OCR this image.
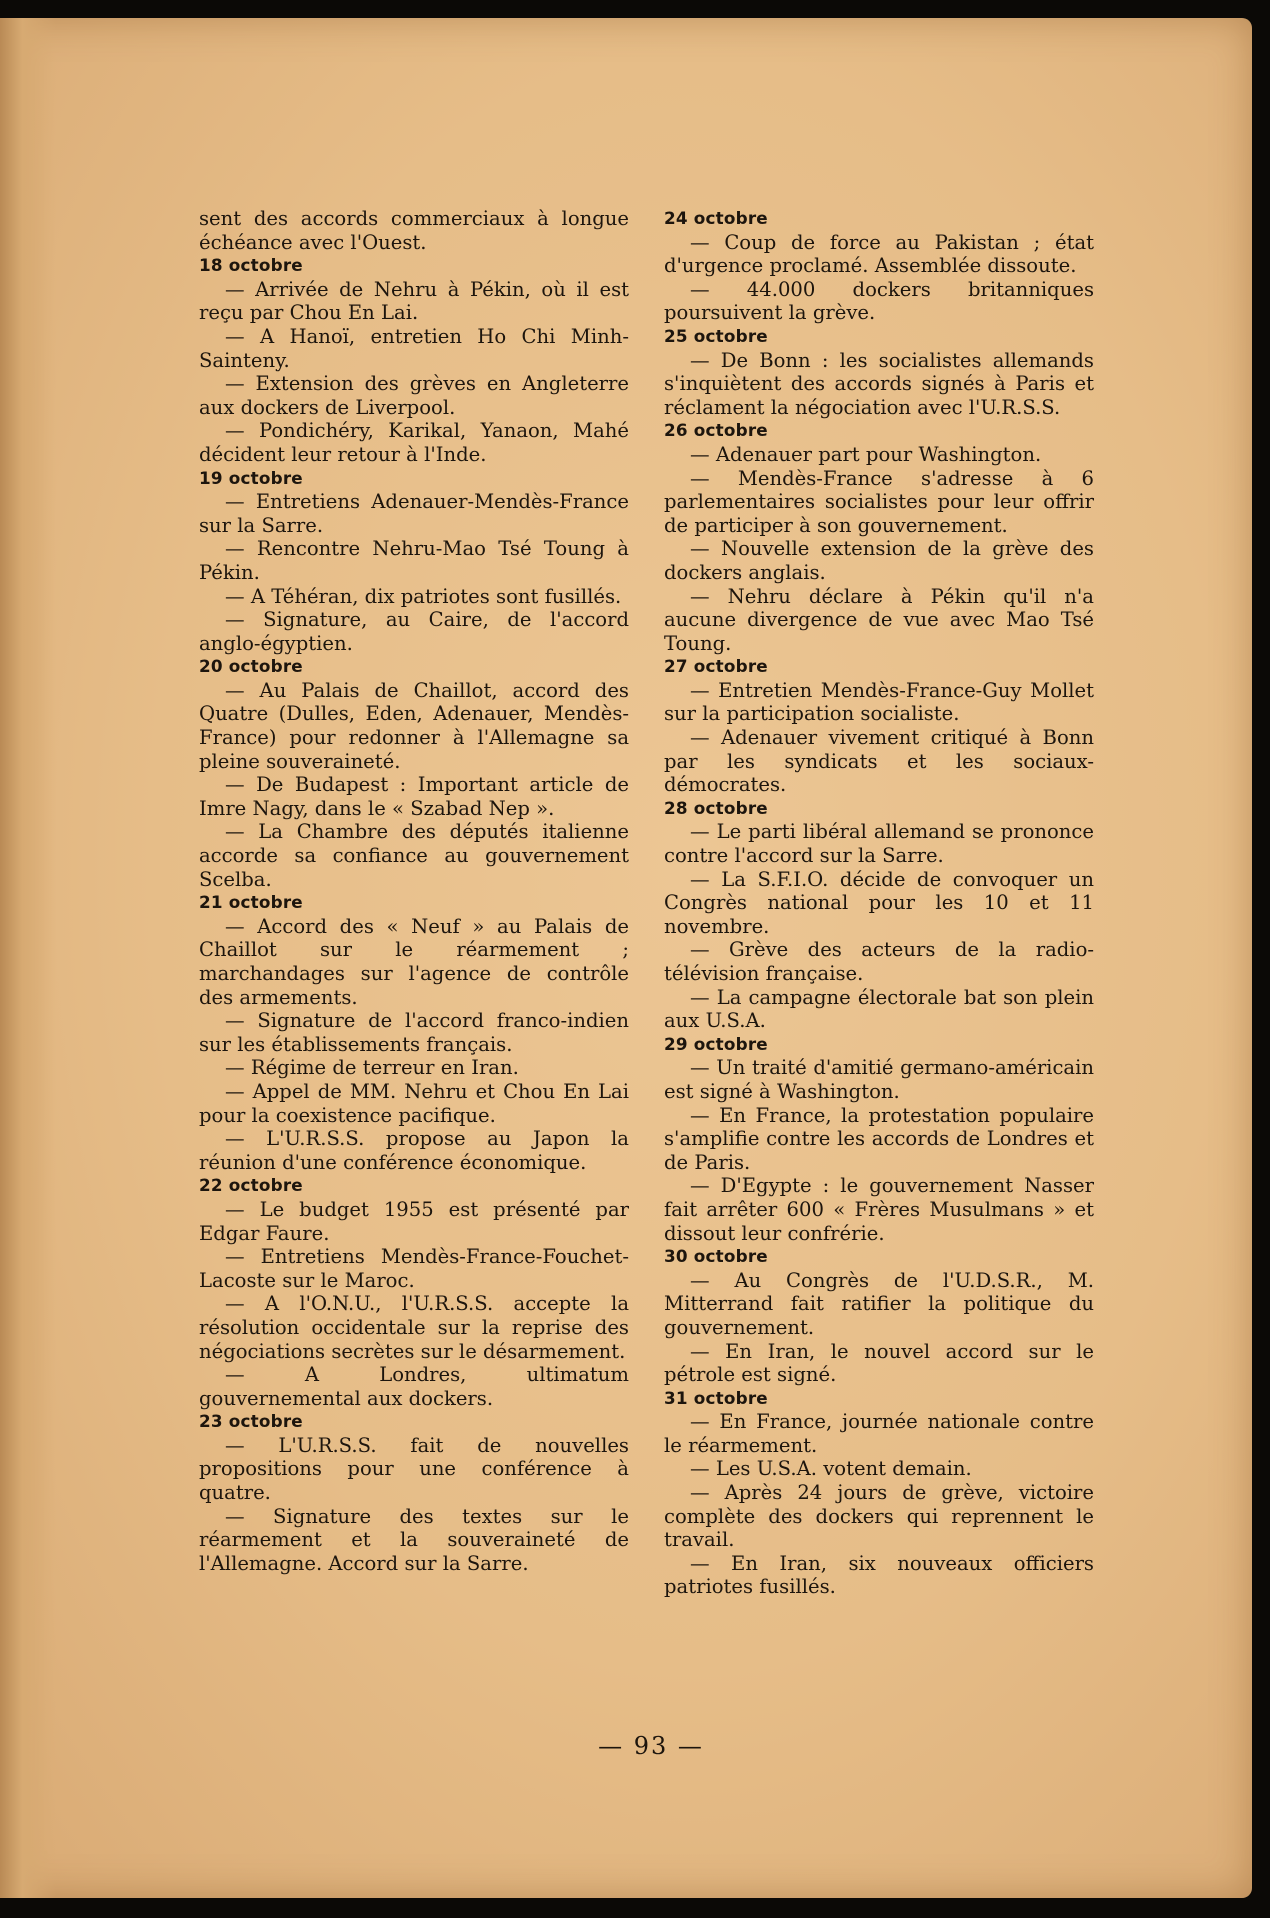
sent des accords commerciaux à longue échéance avec l'Ouest.
18 octobre
— Arrivée de Nehru à Pékin, où il est reçu par Chou En Lai.
— A Hanoï, entretien Ho Chi Minh-Sainteny.
— Extension des grèves en Angleterre aux dockers de Liverpool.
— Pondichéry, Karikal, Yanaon, Mahé décident leur retour à l'Inde.
19 octobre
— Entretiens Adenauer-Mendès-France sur la Sarre.
— Rencontre Nehru-Mao Tsé Toung à Pékin.
— A Téhéran, dix patriotes sont fusillés.
— Signature, au Caire, de l'accord anglo-égyptien.
20 octobre
— Au Palais de Chaillot, accord des Quatre (Dulles, Eden, Adenauer, Mendès-France) pour redonner à l'Allemagne sa pleine souveraineté.
— De Budapest : Important article de Imre Nagy, dans le « Szabad Nep ».
— La Chambre des députés italienne accorde sa confiance au gouvernement Scelba.
21 octobre
— Accord des « Neuf » au Palais de Chaillot sur le réarmement ; marchandages sur l'agence de contrôle des armements.
— Signature de l'accord franco-indien sur les établissements français.
— Régime de terreur en Iran.
— Appel de MM. Nehru et Chou En Lai pour la coexistence pacifique.
— L'U.R.S.S. propose au Japon la réunion d'une conférence économique.
22 octobre
— Le budget 1955 est présenté par Edgar Faure.
— Entretiens Mendès-France-Fouchet-Lacoste sur le Maroc.
— A l'O.N.U., l'U.R.S.S. accepte la résolution occidentale sur la reprise des négociations secrètes sur le désarmement.
— A Londres, ultimatum gouvernemental aux dockers.
23 octobre
— L'U.R.S.S. fait de nouvelles propositions pour une conférence à quatre.
— Signature des textes sur le réarmement et la souveraineté de l'Allemagne. Accord sur la Sarre.
24 octobre
— Coup de force au Pakistan ; état d'urgence proclamé. Assemblée dissoute.
— 44.000 dockers britanniques poursuivent la grève.
25 octobre
— De Bonn : les socialistes allemands s'inquiètent des accords signés à Paris et réclament la négociation avec l'U.R.S.S.
26 octobre
— Adenauer part pour Washington.
— Mendès-France s'adresse à 6 parlementaires socialistes pour leur offrir de participer à son gouvernement.
— Nouvelle extension de la grève des dockers anglais.
— Nehru déclare à Pékin qu'il n'a aucune divergence de vue avec Mao Tsé Toung.
27 octobre
— Entretien Mendès-France-Guy Mollet sur la participation socialiste.
— Adenauer vivement critiqué à Bonn par les syndicats et les sociaux-démocrates.
28 octobre
— Le parti libéral allemand se prononce contre l'accord sur la Sarre.
— La S.F.I.O. décide de convoquer un Congrès national pour les 10 et 11 novembre.
— Grève des acteurs de la radio-télévision française.
— La campagne électorale bat son plein aux U.S.A.
29 octobre
— Un traité d'amitié germano-américain est signé à Washington.
— En France, la protestation populaire s'amplifie contre les accords de Londres et de Paris.
— D'Egypte : le gouvernement Nasser fait arrêter 600 « Frères Musulmans » et dissout leur confrérie.
30 octobre
— Au Congrès de l'U.D.S.R., M. Mitterrand fait ratifier la politique du gouvernement.
— En Iran, le nouvel accord sur le pétrole est signé.
31 octobre
— En France, journée nationale contre le réarmement.
— Les U.S.A. votent demain.
— Après 24 jours de grève, victoire complète des dockers qui reprennent le travail.
— En Iran, six nouveaux officiers patriotes fusillés.
— 93 —
